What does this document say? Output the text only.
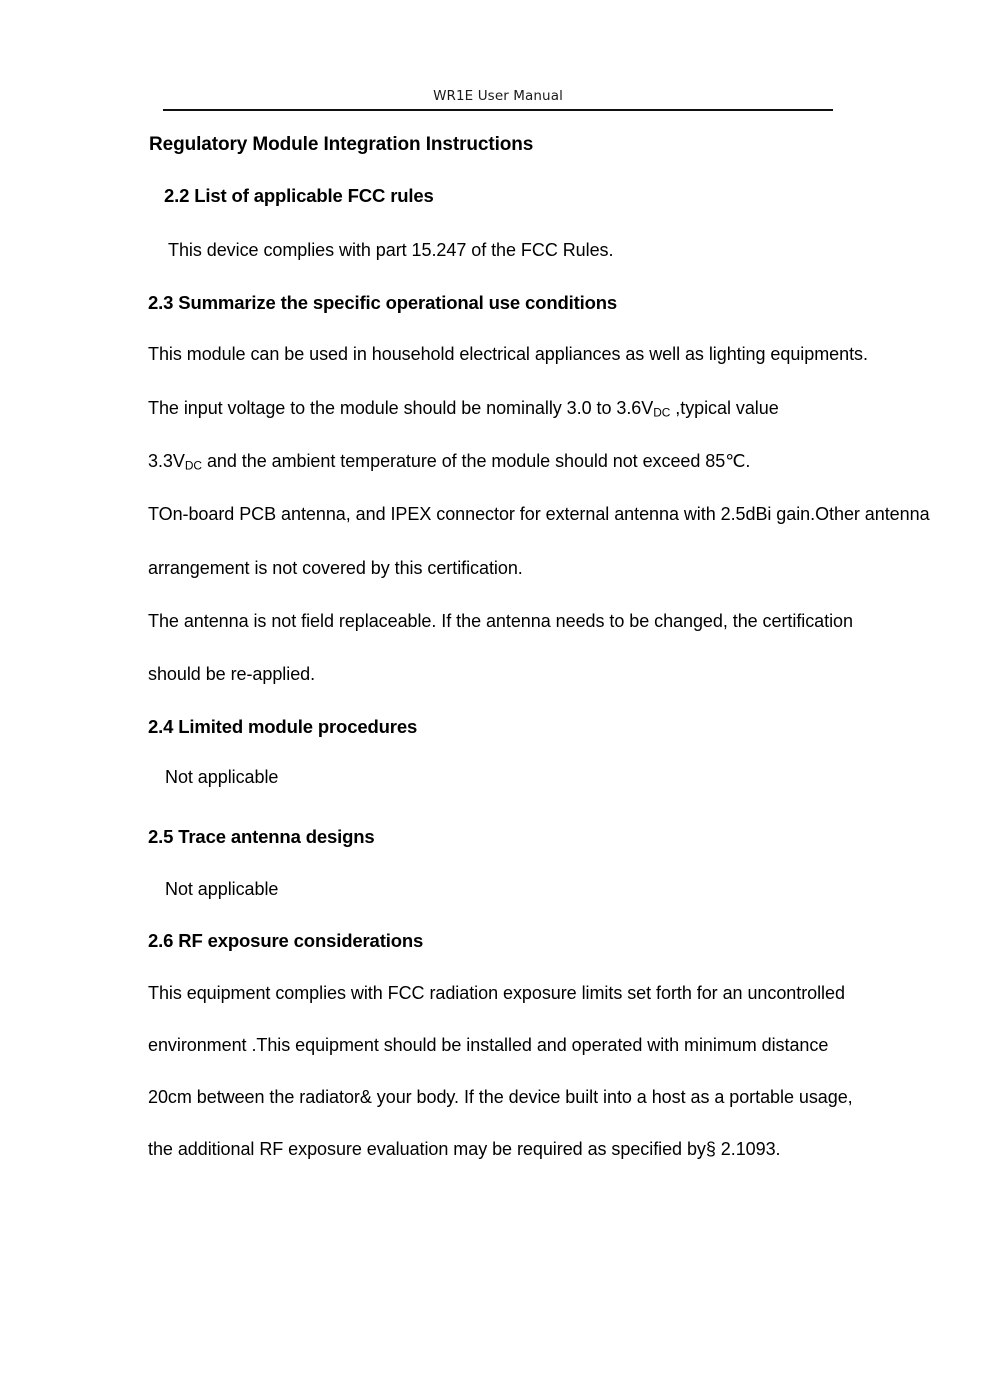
WR1E User Manual
Regulatory Module Integration Instructions
2.2 List of applicable FCC rules

This device complies with part 15.247 of the FCC Rules.

2.3 Summarize the specific operational use conditions

This module can be used in household electrical appliances as well as lighting equipments.

The input voltage to the module should be nominally 3.0 to $3.6V_{DC}$ ,typical value

$3.3V_{DC}$ and the ambient temperature of the module should not exceed 85℃.

TOn-board PCB antenna, and IPEX connector for external antenna with 2.5dBi gain.Other antenna

arrangement is not covered by this certification.

The antenna is not field replaceable. If the antenna needs to be changed, the certification

should be re-applied.

2.4 Limited module procedures

Not applicable

2.5 Trace antenna designs

Not applicable

2.6 RF exposure considerations

This equipment complies with FCC radiation exposure limits set forth for an uncontrolled

environment .This equipment should be installed and operated with minimum distance

20cm between the radiator& your body. If the device built into a host as a portable usage,

the additional RF exposure evaluation may be required as specified by§ 2.1093.
